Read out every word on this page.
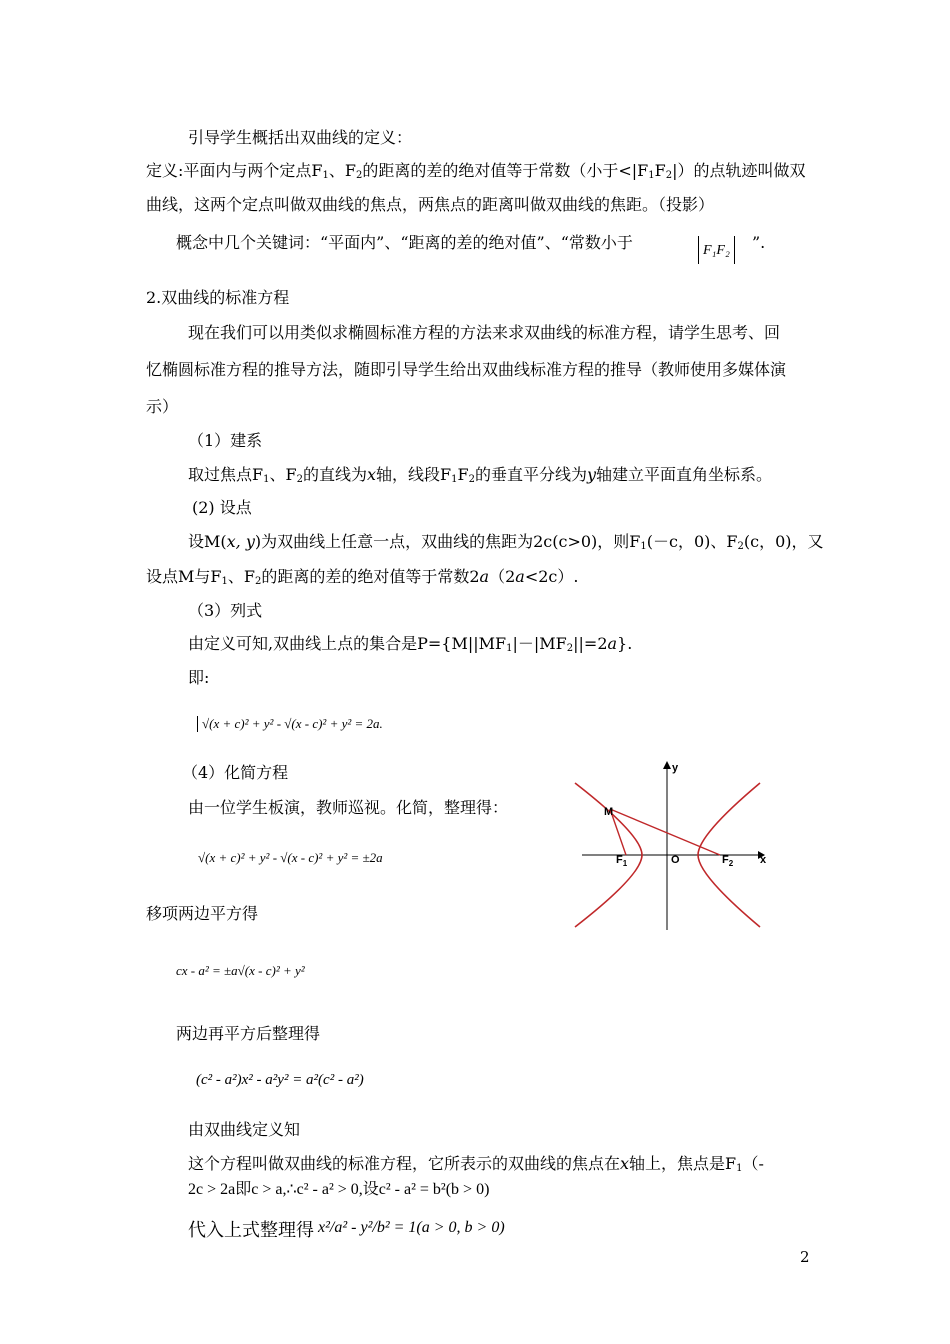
引导学生概括出双曲线的定义：
定义:平面内与两个定点F1、F2的距离的差的绝对值等于常数（小于<|F1F2|）的点轨迹叫做双
曲线，这两个定点叫做双曲线的焦点，两焦点的距离叫做双曲线的焦距。（投影）
概念中几个关键词：“平面内”、“距离的差的绝对值”、“常数小于	F₁F₂	”.
2.双曲线的标准方程
现在我们可以用类似求椭圆标准方程的方法来求双曲线的标准方程，请学生思考、回
忆椭圆标准方程的推导方法，随即引导学生给出双曲线标准方程的推导（教师使用多媒体演
示）
（1）建系
取过焦点F1、F2的直线为x轴，线段F1F2的垂直平分线为y轴建立平面直角坐标系。
(2) 设点
设M(x, y)为双曲线上任意一点，双曲线的焦距为2c(c>0)，则F1(－c，0)、F2(c，0)，又
设点M与F1、F2的距离的差的绝对值等于常数2a（2a<2c）.
（3）列式
由定义可知,双曲线上点的集合是P={M||MF1|－|MF2||=2a}.
即:
√(x + c)² + y² - √(x - c)² + y² = 2a.
（4）化简方程
由一位学生板演，教师巡视。化简，整理得：
√(x + c)² + y² - √(x - c)² + y² = ±2a
y
x
O
M
$F_1$	$F_2$
移项两边平方得
cx - a² = ±a√(x - c)² + y²
两边再平方后整理得
(c² - a²)x² - a²y² = a²(c² - a²)
由双曲线定义知
这个方程叫做双曲线的标准方程，它所表示的双曲线的焦点在x轴上，焦点是F1（-
2c > 2a即c > a,∴c² - a² > 0,设c² - a² = b²(b > 0)
代入上式整理得 x²/a² - y²/b² = 1(a > 0, b > 0)
2
